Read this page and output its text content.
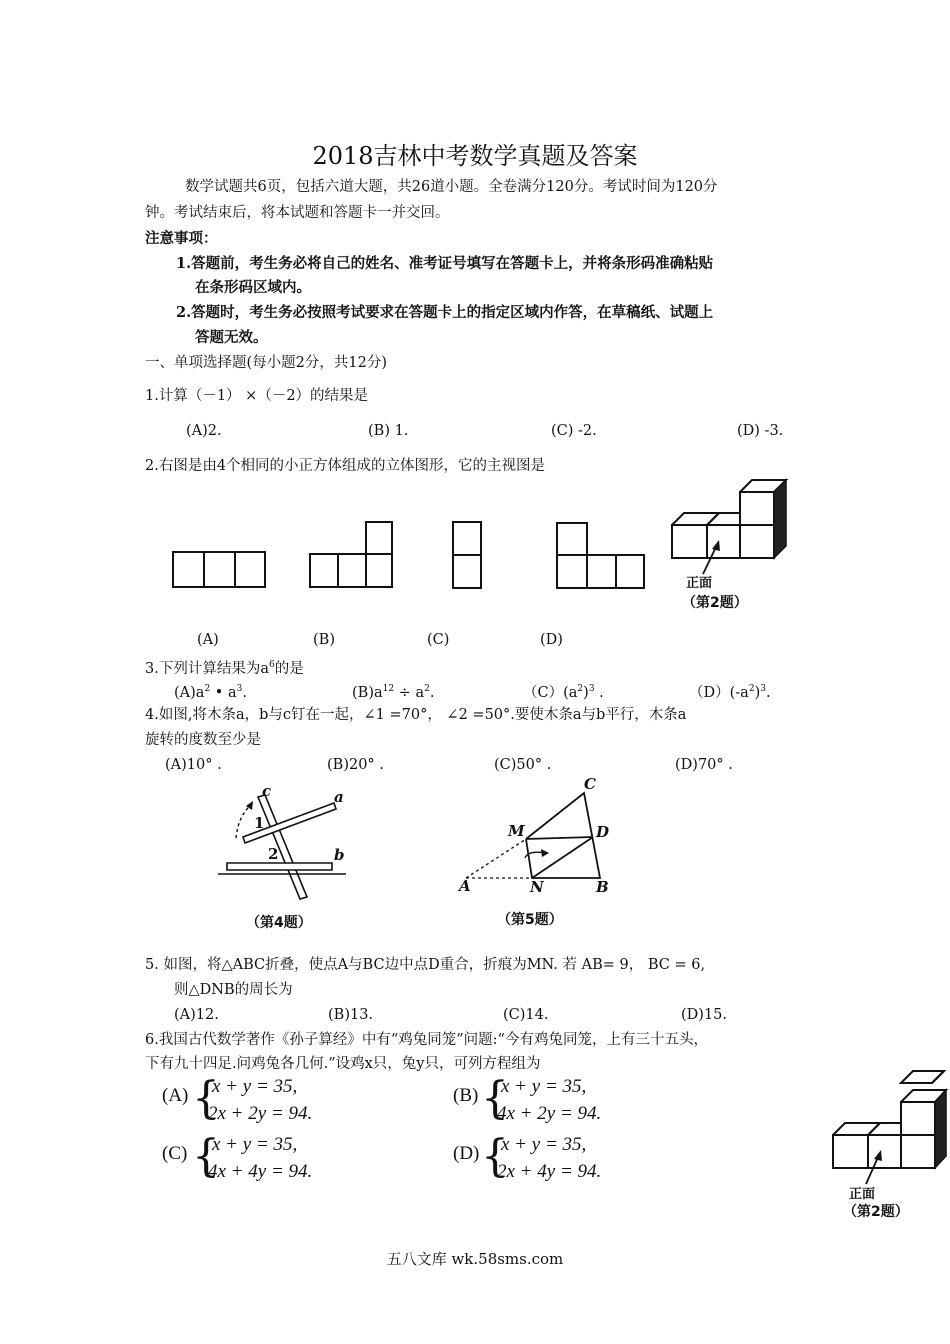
2018吉林中考数学真题及答案
数学试题共6页，包括六道大题，共26道小题。全卷满分120分。考试时间为120分
钟。考试结束后，将本试题和答题卡一并交回。
注意事项：
1.答题前，考生务必将自己的姓名、准考证号填写在答题卡上，并将条形码准确粘贴
在条形码区域内。
2.答题时，考生务必按照考试要求在答题卡上的指定区域内作答，在草稿纸、试题上
答题无效。
一、单项选择题(每小题2分，共12分)
1.计算（－1） ×（－2）的结果是
(A)2.	(B) 1.	(C) -2.	(D) -3.
2.右图是由4个相同的小正方体组成的立体图形，它的主视图是
正面
（第2题）
(A)	(B)	(C)	(D)
3.下列计算结果为$a^6$的是
$(A)a^2$ • $a^3$.	$(B)a^{12} \div a^2$.	$(C)(a^2)^3$ .	$(D)(-a^2)^3$.
4.如图,将木条a，b与c钉在一起，∠1 =70°， ∠2 =50°.要使木条a与b平行，木条a
旋转的度数至少是
(A)10° .	(B)20° .	(C)50° .	(D)70° .
c	a
b
1
2
（第4题）
C
M	D
A	N	B
（第5题）
5. 如图，将△ABC折叠，使点A与BC边中点D重合，折痕为MN. 若 AB= 9， BC = 6,
则△DNB的周长为
(A)12.	(B)13.	(C)14.	(D)15.
6.我国古代数学著作《孙子算经》中有“鸡兔同笼”问题:“今有鸡兔同笼，上有三十五头，
下有九十四足.问鸡兔各几何.”设鸡x只，兔y只，可列方程组为
(A) {
x + y = 35,
2x + 2y = 94.
(B) {
x + y = 35,
4x + 2y = 94.
(C) {
x + y = 35,
4x + 4y = 94.
(D) {
x + y = 35,
2x + 4y = 94.
正面
（第2题）
五八文库 wk.58sms.com
